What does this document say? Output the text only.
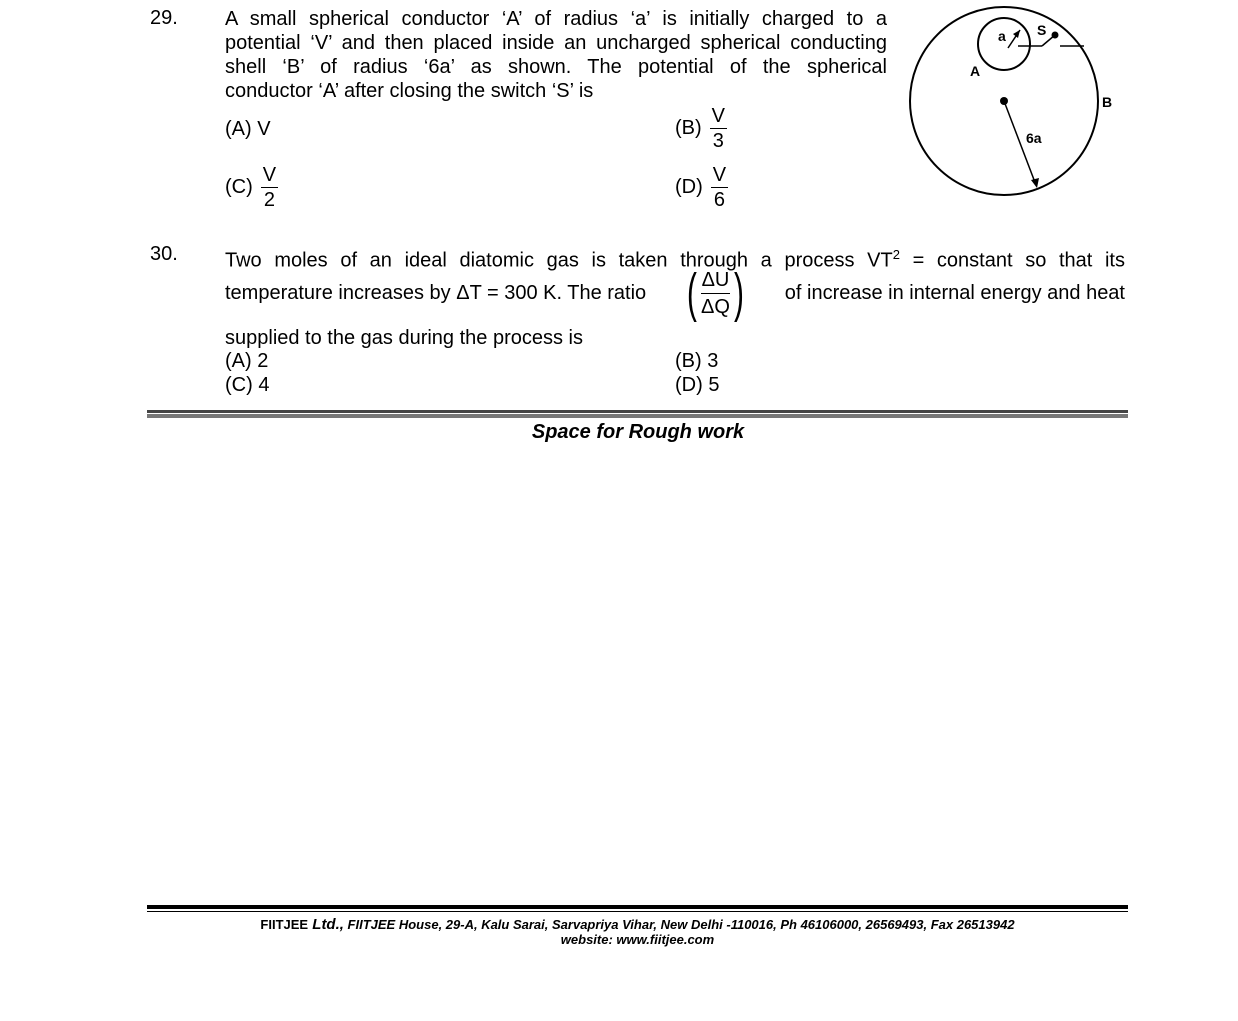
29. A small spherical conductor ‘A’ of radius ‘a’ is initially charged to a
potential ‘V’ and then placed inside an uncharged spherical conducting
shell ‘B’ of radius ‘6a’ as shown. The potential of the spherical
conductor ‘A’ after closing the switch ‘S’ is
(A) V	$(B) \frac{V}{3}$
$(C) \frac{V}{2}$	$(D) \frac{V}{6}$
a S
A
B
6a
30. Two moles of an ideal diatomic gas is taken through a process $VT^2$ = constant so that its
temperature increases by ΔT = 300 K. The ratio ( $\frac{\Delta U}{\Delta Q}$ ) of increase in internal energy and heat
supplied to the gas during the process is
(A) 2	(B) 3
(C) 4	(D) 5
Space for Rough work
FIITJEE Ltd., FIITJEE House, 29-A, Kalu Sarai, Sarvapriya Vihar, New Delhi -110016, Ph 46106000, 26569493, Fax 26513942
website: www.fiitjee.com
